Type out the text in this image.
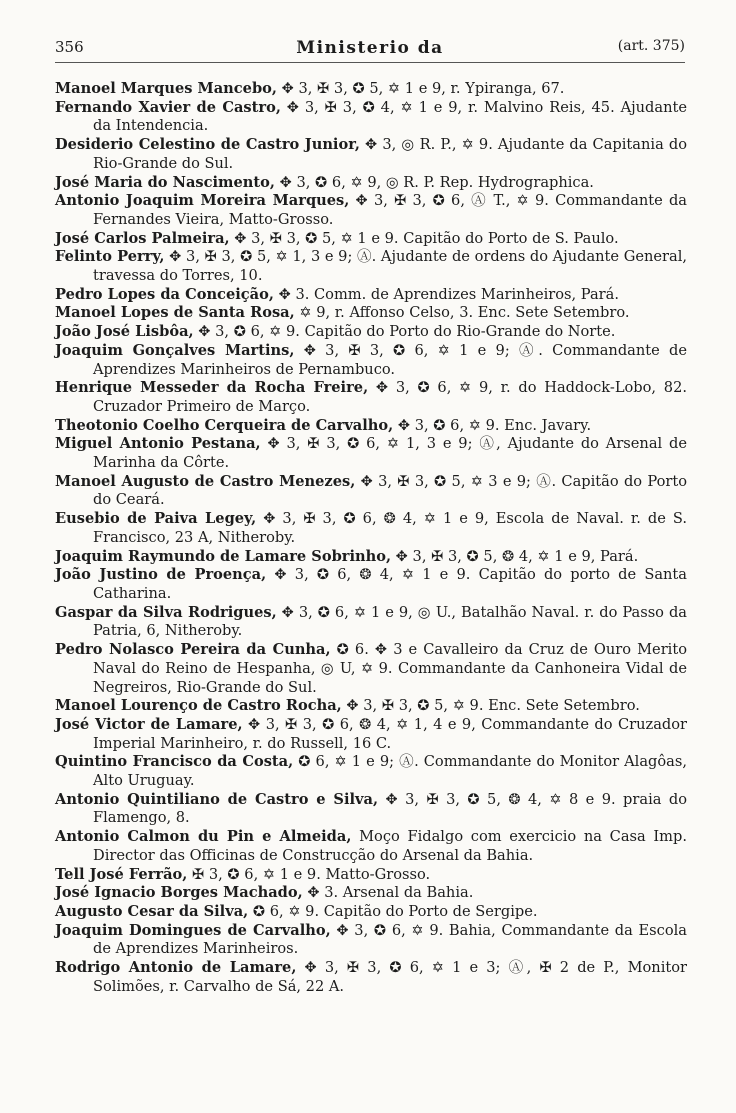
356	Ministerio da	(art. 375)

Manoel Marques Mancebo, ✥ 3, ✠ 3, ✪ 5, ✡ 1 e 9, r. Ypiranga, 67.

Fernando Xavier de Castro, ✥ 3, ✠ 3, ✪ 4, ✡ 1 e 9, r. Malvino Reis, 45. Ajudante da Intendencia.

Desiderio Celestino de Castro Junior, ✥ 3, ◎ R. P., ✡ 9. Ajudante da Capitania do Rio-Grande do Sul.

José Maria do Nascimento, ✥ 3, ✪ 6, ✡ 9, ◎ R. P. Rep. Hydrographica.

Antonio Joaquim Moreira Marques, ✥ 3, ✠ 3, ✪ 6, Ⓐ T., ✡ 9. Commandante da Fernandes Vieira, Matto-Grosso.

José Carlos Palmeira, ✥ 3, ✠ 3, ✪ 5, ✡ 1 e 9. Capitão do Porto de S. Paulo.

Felinto Perry, ✥ 3, ✠ 3, ✪ 5, ✡ 1, 3 e 9; Ⓐ. Ajudante de ordens do Ajudante General, travessa do Torres, 10.

Pedro Lopes da Conceição, ✥ 3. Comm. de Aprendizes Marinheiros, Pará.

Manoel Lopes de Santa Rosa, ✡ 9, r. Affonso Celso, 3. Enc. Sete Setembro.

João José Lisbôa, ✥ 3, ✪ 6, ✡ 9. Capitão do Porto do Rio-Grande do Norte.

Joaquim Gonçalves Martins, ✥ 3, ✠ 3, ✪ 6, ✡ 1 e 9; Ⓐ. Commandante de Aprendizes Marinheiros de Pernambuco.

Henrique Messeder da Rocha Freire, ✥ 3, ✪ 6, ✡ 9, r. do Haddock-Lobo, 82. Cruzador Primeiro de Março.

Theotonio Coelho Cerqueira de Carvalho, ✥ 3, ✪ 6, ✡ 9. Enc. Javary.

Miguel Antonio Pestana, ✥ 3, ✠ 3, ✪ 6, ✡ 1, 3 e 9; Ⓐ, Ajudante do Arsenal de Marinha da Côrte.

Manoel Augusto de Castro Menezes, ✥ 3, ✠ 3, ✪ 5, ✡ 3 e 9; Ⓐ. Capitão do Porto do Ceará.

Eusebio de Paiva Legey, ✥ 3, ✠ 3, ✪ 6, ❂ 4, ✡ 1 e 9, Escola de Naval. r. de S. Francisco, 23 A, Nitheroby.

Joaquim Raymundo de Lamare Sobrinho, ✥ 3, ✠ 3, ✪ 5, ❂ 4, ✡ 1 e 9, Pará.

João Justino de Proença, ✥ 3, ✪ 6, ❂ 4, ✡ 1 e 9. Capitão do porto de Santa Catharina.

Gaspar da Silva Rodrigues, ✥ 3, ✪ 6, ✡ 1 e 9, ◎ U., Batalhão Naval. r. do Passo da Patria, 6, Nitheroby.

Pedro Nolasco Pereira da Cunha, ✪ 6. ✥ 3 e Cavalleiro da Cruz de Ouro Merito Naval do Reino de Hespanha, ◎ U, ✡ 9. Commandante da Canhoneira Vidal de Negreiros, Rio-Grande do Sul.

Manoel Lourenço de Castro Rocha, ✥ 3, ✠ 3, ✪ 5, ✡ 9. Enc. Sete Setembro.

José Victor de Lamare, ✥ 3, ✠ 3, ✪ 6, ❂ 4, ✡ 1, 4 e 9, Commandante do Cruzador Imperial Marinheiro, r. do Russell, 16 C.

Quintino Francisco da Costa, ✪ 6, ✡ 1 e 9; Ⓐ. Commandante do Monitor Alagôas, Alto Uruguay.

Antonio Quintiliano de Castro e Silva, ✥ 3, ✠ 3, ✪ 5, ❂ 4, ✡ 8 e 9. praia do Flamengo, 8.

Antonio Calmon du Pin e Almeida, Moço Fidalgo com exercicio na Casa Imp. Director das Officinas de Construcção do Arsenal da Bahia.

Tell José Ferrão, ✠ 3, ✪ 6, ✡ 1 e 9. Matto-Grosso.

José Ignacio Borges Machado, ✥ 3. Arsenal da Bahia.

Augusto Cesar da Silva, ✪ 6, ✡ 9. Capitão do Porto de Sergipe.

Joaquim Domingues de Carvalho, ✥ 3, ✪ 6, ✡ 9. Bahia, Commandante da Escola de Aprendizes Marinheiros.

Rodrigo Antonio de Lamare, ✥ 3, ✠ 3, ✪ 6, ✡ 1 e 3; Ⓐ, ✠ 2 de P., Monitor Solimões, r. Carvalho de Sá, 22 A.
